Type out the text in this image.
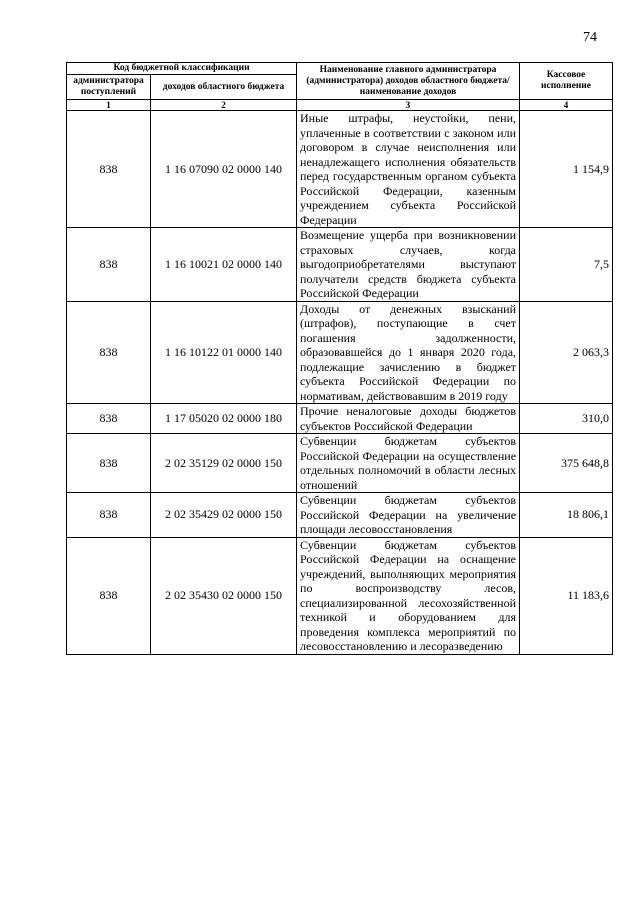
74
Код бюджетной классификации		Наименование главного администратора (администратора) доходов областного бюджета/ наименование доходов	Кассовое исполнение
администратора поступлений	доходов областного бюджета		
1	2	3	4
838	1 16 07090 02 0000 140	Иные штрафы, неустойки, пени, уплаченные в соответствии с законом или договором в случае неисполнения или ненадлежащего исполнения обязательств перед государственным органом субъекта Российской Федерации, казенным учреждением субъекта Российской Федерации	1 154,9
838	1 16 10021 02 0000 140	Возмещение ущерба при возникновении страховых случаев, когда выгодоприобретателями выступают получатели средств бюджета субъекта Российской Федерации	7,5
838	1 16 10122 01 0000 140	Доходы от денежных взысканий (штрафов), поступающие в счет погашения задолженности, образовавшейся до 1 января 2020 года, подлежащие зачислению в бюджет субъекта Российской Федерации по нормативам, действовавшим в 2019 году	2 063,3
838	1 17 05020 02 0000 180	Прочие неналоговые доходы бюджетов субъектов Российской Федерации	310,0
838	2 02 35129 02 0000 150	Субвенции бюджетам субъектов Российской Федерации на осуществление отдельных полномочий в области лесных отношений	375 648,8
838	2 02 35429 02 0000 150	Субвенции бюджетам субъектов Российской Федерации на увеличение площади лесовосстановления	18 806,1
838	2 02 35430 02 0000 150	Субвенции бюджетам субъектов Российской Федерации на оснащение учреждений, выполняющих мероприятия по воспроизводству лесов, специализированной лесохозяйственной техникой и оборудованием для проведения комплекса мероприятий по лесовосстановлению и лесоразведению	11 183,6
